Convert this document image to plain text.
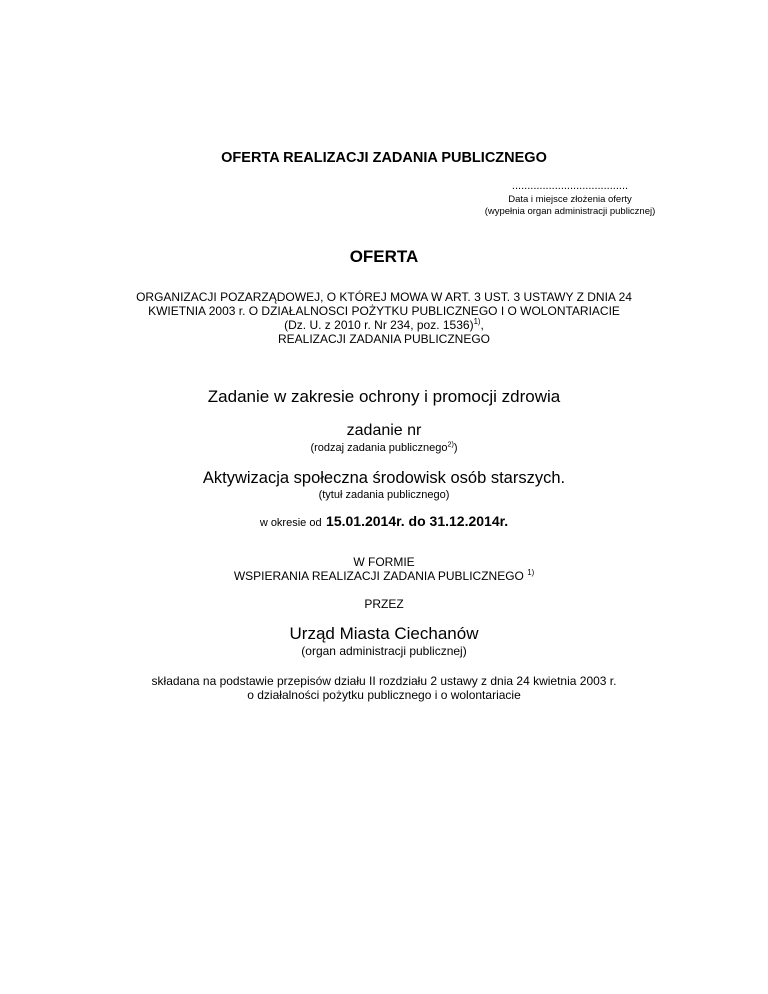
OFERTA REALIZACJI ZADANIA PUBLICZNEGO
......................................
Data i miejsce złożenia oferty
(wypełnia organ administracji publicznej)
OFERTA
ORGANIZACJI POZARZĄDOWEJ, O KTÓREJ MOWA W ART. 3 UST. 3 USTAWY Z DNIA 24
KWIETNIA 2003 r. O DZIAŁALNOSCI POŻYTKU PUBLICZNEGO I O WOLONTARIACIE
(Dz. U. z 2010 r. Nr 234, poz. 1536)$^{1)}$,
REALIZACJI ZADANIA PUBLICZNEGO
Zadanie w zakresie ochrony i promocji zdrowia
zadanie nr
(rodzaj zadania publicznego$^{2)}$)
Aktywizacja społeczna środowisk osób starszych.
(tytuł zadania publicznego)
w okresie od 15.01.2014r. do 31.12.2014r.
W FORMIE
WSPIERANIA REALIZACJI ZADANIA PUBLICZNEGO $^{1)}$
PRZEZ
Urząd Miasta Ciechanów
(organ administracji publicznej)
składana na podstawie przepisów działu II rozdziału 2 ustawy z dnia 24 kwietnia 2003 r.
o działalności pożytku publicznego i o wolontariacie
